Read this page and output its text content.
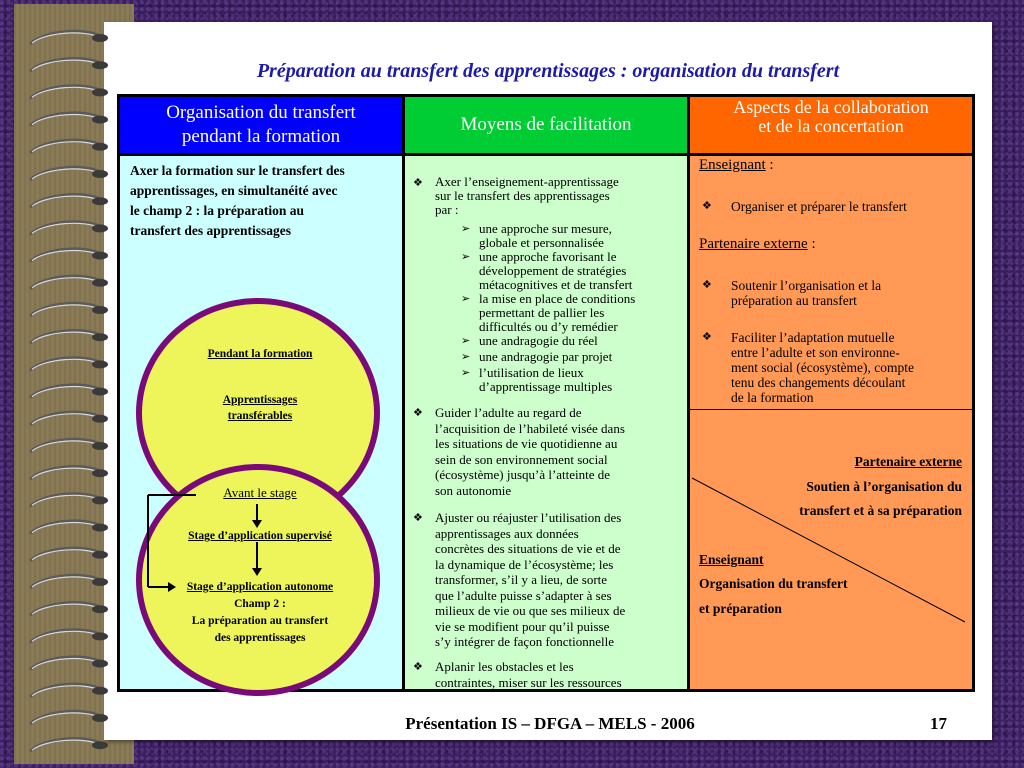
Préparation au transfert des apprentissages : organisation du transfert
Organisation du transfert
pendant la formation
Moyens de facilitation
Aspects de la collaboration
et de la concertation
Axer la formation sur le transfert des
apprentissages, en simultanéité avec
le champ 2 : la préparation au
transfert des apprentissages
Pendant la formation
Apprentissages
transférables
Avant le stage
Stage d’application supervisé
Stage d’application autonome
Champ 2 :
La préparation au transfert
des apprentissages
❖ Axer l’enseignement-apprentissage
sur le transfert des apprentissages
par :
➢ une approche sur mesure,
globale et personnalisée
➢ une approche favorisant le
développement de stratégies
métacognitives et de transfert
➢ la mise en place de conditions
permettant de pallier les
difficultés ou d’y remédier
➢ une andragogie du réel
➢ une andragogie par projet
➢ l’utilisation de lieux
d’apprentissage multiples
❖ Guider l’adulte au regard de
l’acquisition de l’habileté visée dans
les situations de vie quotidienne au
sein de son environnement social
(écosystème) jusqu’à l’atteinte de
son autonomie
❖ Ajuster ou réajuster l’utilisation des
apprentissages aux données
concrètes des situations de vie et de
la dynamique de l’écosystème; les
transformer, s’il y a lieu, de sorte
que l’adulte puisse s’adapter à ses
milieux de vie ou que ses milieux de
vie se modifient pour qu’il puisse
s’y intégrer de façon fonctionnelle
❖ Aplanir les obstacles et les
contraintes, miser sur les ressources
Enseignant :
❖ Organiser et préparer le transfert
Partenaire externe :
❖ Soutenir l’organisation et la
préparation au transfert
❖ Faciliter l’adaptation mutuelle
entre l’adulte et son environne-
ment social (écosystème), compte
tenu des changements découlant
de la formation
Partenaire externe
Soutien à l’organisation du
transfert et à sa préparation
Enseignant
Organisation du transfert
et préparation
Présentation IS – DFGA – MELS - 2006	17
